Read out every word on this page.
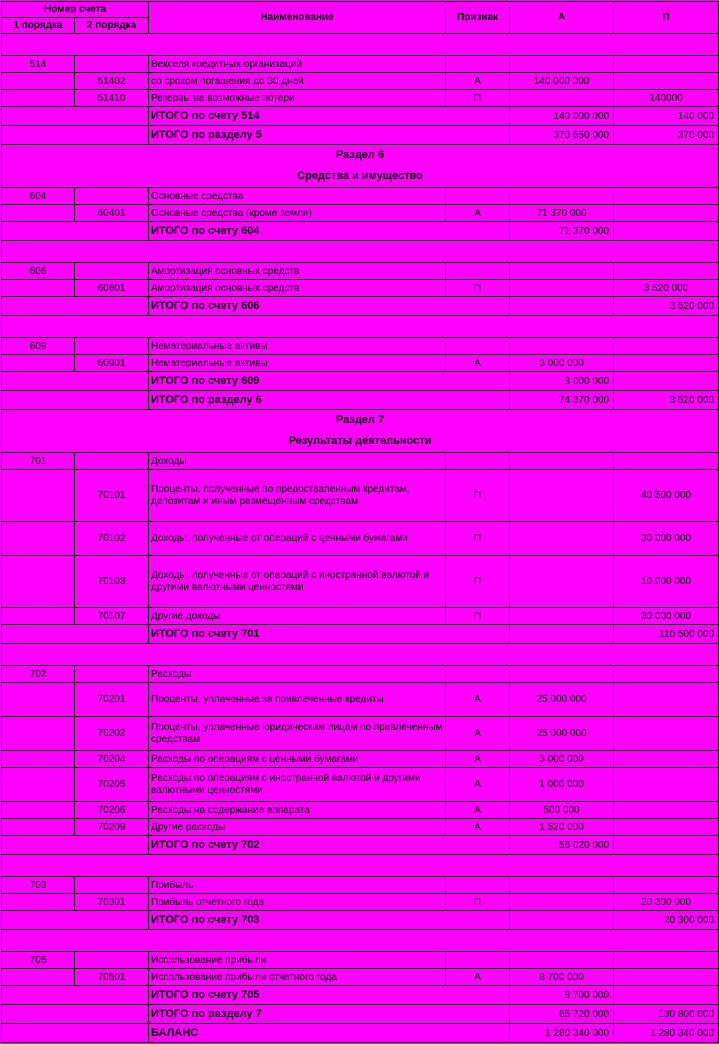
Номер счета		Наименование	Признак	А	П
1 порядка	2 порядка				

514		Векселя кредитных организаций			
	51402	со сроком погашения до 30 дней	А	140 000 000	
	51410	Резервы на возможные потери	П		140000
		ИТОГО по счету 514		140 000 000	140 000
		ИТОГО по разделу 5		370 650 000	370 000
Раздел 6					
Средства и имущество					
604		Основные средства			
	60401	Основные средства (кроме земли)	А	71 370 000	
		ИТОГО по счету 604		71 370 000	

606		Амортизация основных средств			
	60601	Амортизация основных средств	П		3 520 000
		ИТОГО по счету 606			3 520 000

609		Нематериальные активы			
	60901	Нематериальные активы	А	3 000 000	
		ИТОГО по счету 609		3 000 000	
		ИТОГО по разделу 6		74 370 000	3 520 000
Раздел 7					
Результаты деятельности					
701		Доходы			
	70101	Проценты, полученные по предоставленным кредитам, депозитам и иным размещенным средствам	П		40 500 000
	70102	Доходы, полученные от операций с ценными бумагами	П		30 000 000
	70103	Доходы, полученные от операций с иностранной валютой и другими валютными ценностями	П		10 000 000
	70107	Другие доходы	П		30 000 000
		ИТОГО по счету 701			110 500 000

702		Расходы			
	70201	Проценты, уплаченные за привлеченные кредиты	А	25 000 000	
	70202	Проценты, уплаченные юридическим лицам по привлеченным средствам	А	25 000 000	
	70204	Расходы по операциям с ценными бумагами	А	3 000 000	
	70205	Расходы по операциям с иностранной валютой и другими валютными ценностями	А	1 000 000	
	70206	Расходы на содержание аппарата	А	500 000	
	70209	Другие расходы	А	1 520 000	
		ИТОГО по счету 702		56 020 000	

703		Прибыль			
	70301	Прибыль отчетного года	П		20 300 000
		ИТОГО по счету 703			20 300 000

705		Использование прибыли			
	70501	Использование прибыли отчетного года	А	8 700 000	
		ИТОГО по счету 705		8 700 000	
		ИТОГО по разделу 7		65 720 000	130 800 000
		БАЛАНС		1 280 340 000	1 280 340 000
